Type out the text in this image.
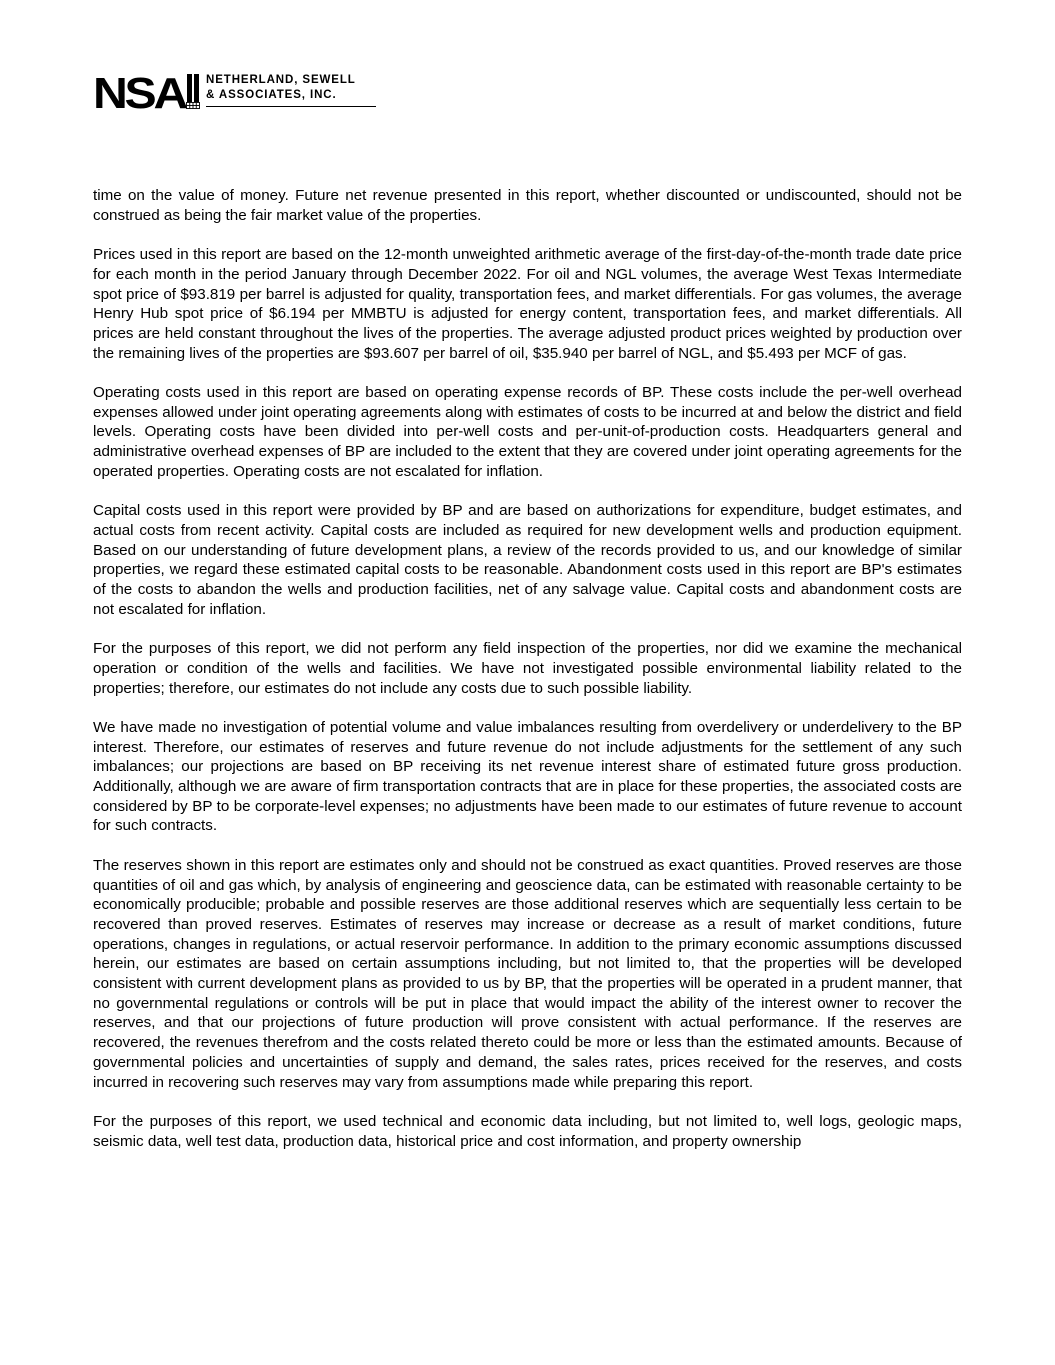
NSA NETHERLAND, SEWELL
& ASSOCIATES, INC.

time on the value of money. Future net revenue presented in this report, whether discounted or undiscounted, should not be construed as being the fair market value of the properties.

Prices used in this report are based on the 12-month unweighted arithmetic average of the first-day-of-the-month trade date price for each month in the period January through December 2022. For oil and NGL volumes, the average West Texas Intermediate spot price of $93.819 per barrel is adjusted for quality, transportation fees, and market differentials. For gas volumes, the average Henry Hub spot price of $6.194 per MMBTU is adjusted for energy content, transportation fees, and market differentials. All prices are held constant throughout the lives of the properties. The average adjusted product prices weighted by production over the remaining lives of the properties are $93.607 per barrel of oil, $35.940 per barrel of NGL, and $5.493 per MCF of gas.

Operating costs used in this report are based on operating expense records of BP. These costs include the per-well overhead expenses allowed under joint operating agreements along with estimates of costs to be incurred at and below the district and field levels. Operating costs have been divided into per-well costs and per-unit-of-production costs. Headquarters general and administrative overhead expenses of BP are included to the extent that they are covered under joint operating agreements for the operated properties. Operating costs are not escalated for inflation.

Capital costs used in this report were provided by BP and are based on authorizations for expenditure, budget estimates, and actual costs from recent activity. Capital costs are included as required for new development wells and production equipment. Based on our understanding of future development plans, a review of the records provided to us, and our knowledge of similar properties, we regard these estimated capital costs to be reasonable. Abandonment costs used in this report are BP's estimates of the costs to abandon the wells and production facilities, net of any salvage value. Capital costs and abandonment costs are not escalated for inflation.

For the purposes of this report, we did not perform any field inspection of the properties, nor did we examine the mechanical operation or condition of the wells and facilities. We have not investigated possible environmental liability related to the properties; therefore, our estimates do not include any costs due to such possible liability.

We have made no investigation of potential volume and value imbalances resulting from overdelivery or underdelivery to the BP interest. Therefore, our estimates of reserves and future revenue do not include adjustments for the settlement of any such imbalances; our projections are based on BP receiving its net revenue interest share of estimated future gross production. Additionally, although we are aware of firm transportation contracts that are in place for these properties, the associated costs are considered by BP to be corporate-level expenses; no adjustments have been made to our estimates of future revenue to account for such contracts.

The reserves shown in this report are estimates only and should not be construed as exact quantities. Proved reserves are those quantities of oil and gas which, by analysis of engineering and geoscience data, can be estimated with reasonable certainty to be economically producible; probable and possible reserves are those additional reserves which are sequentially less certain to be recovered than proved reserves. Estimates of reserves may increase or decrease as a result of market conditions, future operations, changes in regulations, or actual reservoir performance. In addition to the primary economic assumptions discussed herein, our estimates are based on certain assumptions including, but not limited to, that the properties will be developed consistent with current development plans as provided to us by BP, that the properties will be operated in a prudent manner, that no governmental regulations or controls will be put in place that would impact the ability of the interest owner to recover the reserves, and that our projections of future production will prove consistent with actual performance. If the reserves are recovered, the revenues therefrom and the costs related thereto could be more or less than the estimated amounts. Because of governmental policies and uncertainties of supply and demand, the sales rates, prices received for the reserves, and costs incurred in recovering such reserves may vary from assumptions made while preparing this report.

For the purposes of this report, we used technical and economic data including, but not limited to, well logs, geologic maps, seismic data, well test data, production data, historical price and cost information, and property ownership
